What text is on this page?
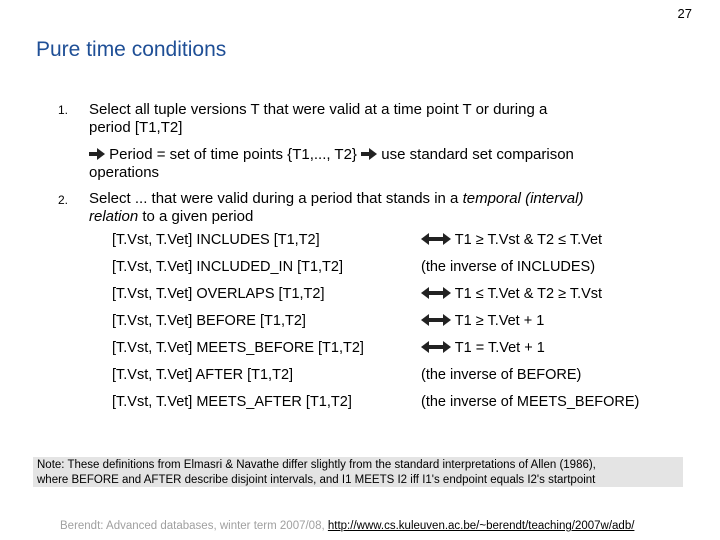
27
Pure time conditions
1. Select all tuple versions T that were valid at a time point T or during a
period [T1,T2]
Period = set of time points {T1,..., T2} use standard set comparison
operations
2. Select ... that were valid during a period that stands in a temporal (interval)
relation to a given period
[T.Vst, T.Vet] INCLUDES [T1,T2]	T1 ≥ T.Vst & T2 ≤ T.Vet
[T.Vst, T.Vet] INCLUDED_IN [T1,T2]	(the inverse of INCLUDES)
[T.Vst, T.Vet] OVERLAPS [T1,T2]	T1 ≤ T.Vet & T2 ≥ T.Vst
[T.Vst, T.Vet] BEFORE [T1,T2]	T1 ≥ T.Vet + 1
[T.Vst, T.Vet] MEETS_BEFORE [T1,T2]	T1 = T.Vet + 1
[T.Vst, T.Vet] AFTER [T1,T2]	(the inverse of BEFORE)
[T.Vst, T.Vet] MEETS_AFTER [T1,T2]	(the inverse of MEETS_BEFORE)
Note: These definitions from Elmasri & Navathe differ slightly from the standard interpretations of Allen (1986),
where BEFORE and AFTER describe disjoint intervals, and I1 MEETS I2 iff I1's endpoint equals I2's startpoint
Berendt: Advanced databases, winter term 2007/08, http://www.cs.kuleuven.ac.be/~berendt/teaching/2007w/adb/
